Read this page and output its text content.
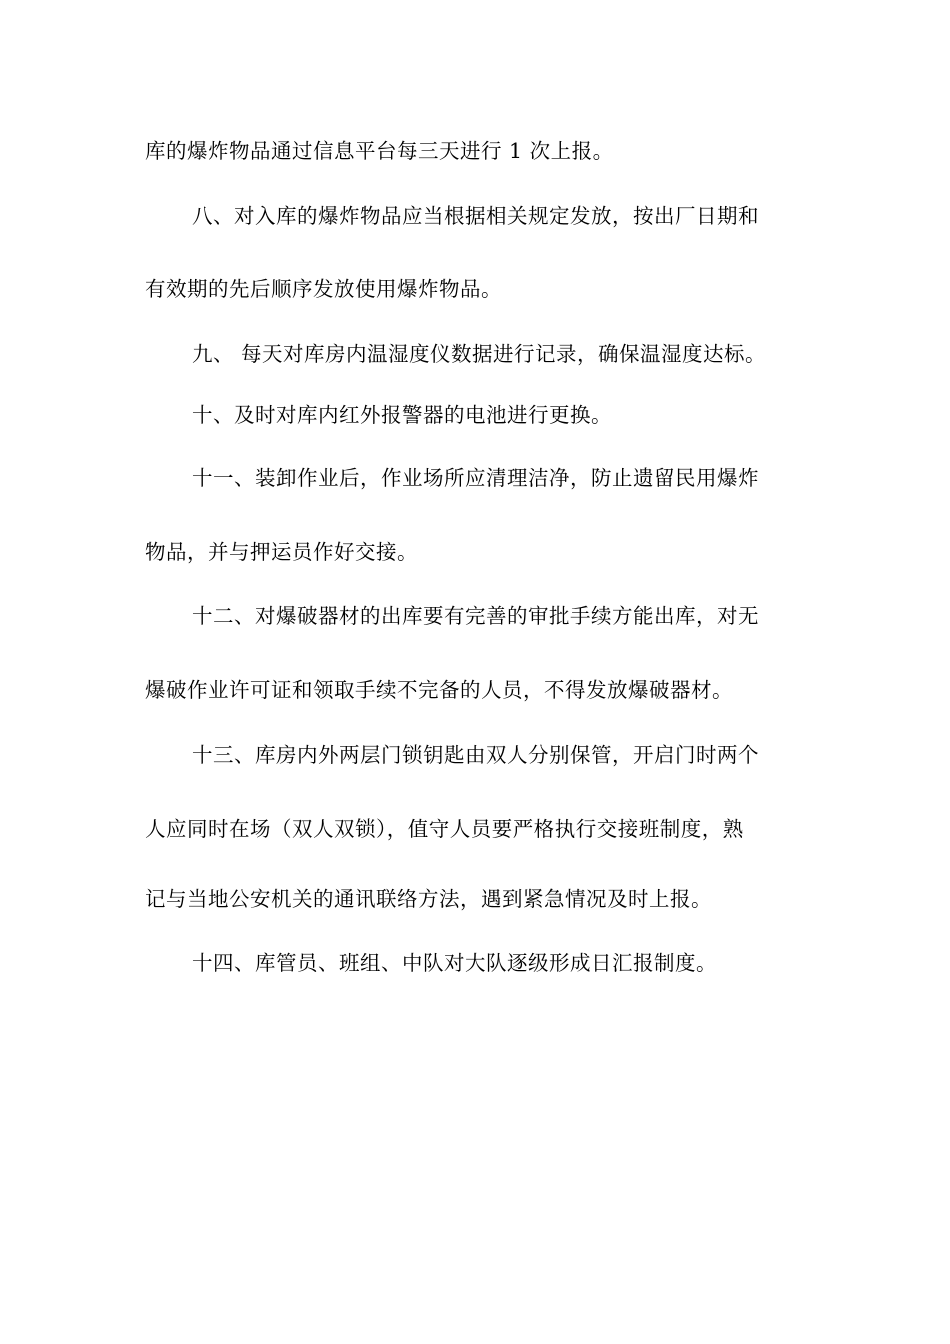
库的爆炸物品通过信息平台每三天进行 1 次上报。
八、对入库的爆炸物品应当根据相关规定发放，按出厂日期和
有效期的先后顺序发放使用爆炸物品。
九、 每天对库房内温湿度仪数据进行记录，确保温湿度达标。
十、及时对库内红外报警器的电池进行更换。
十一、装卸作业后，作业场所应清理洁净，防止遗留民用爆炸
物品，并与押运员作好交接。
十二、对爆破器材的出库要有完善的审批手续方能出库，对无
爆破作业许可证和领取手续不完备的人员，不得发放爆破器材。
十三、库房内外两层门锁钥匙由双人分别保管，开启门时两个
人应同时在场（双人双锁），值守人员要严格执行交接班制度，熟
记与当地公安机关的通讯联络方法，遇到紧急情况及时上报。
十四、库管员、班组、中队对大队逐级形成日汇报制度。
